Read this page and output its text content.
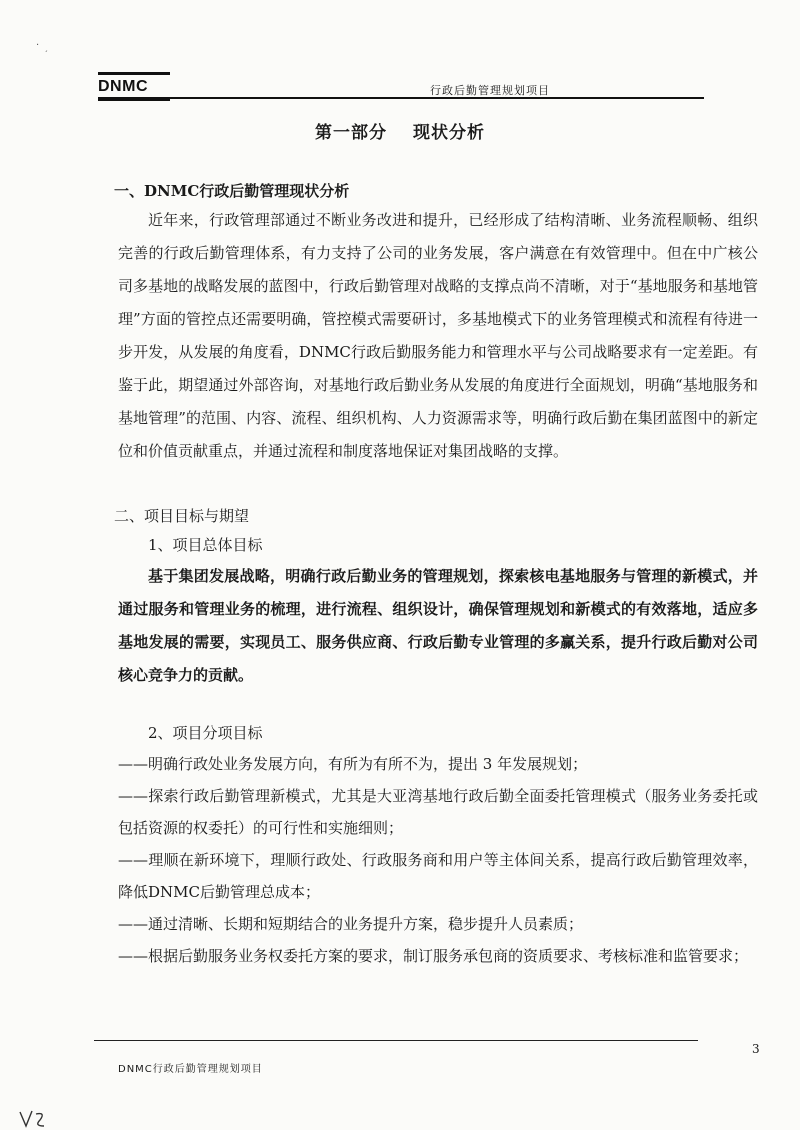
·
´
DNMC	行政后勤管理规划项目
第一部分 现状分析

一、DNMC行政后勤管理现状分析

近年来，行政管理部通过不断业务改进和提升，已经形成了结构清晰、业务流程顺畅、组织完善的行政后勤管理体系，有力支持了公司的业务发展，客户满意在有效管理中。但在中广核公司多基地的战略发展的蓝图中，行政后勤管理对战略的支撑点尚不清晰，对于“基地服务和基地管理”方面的管控点还需要明确，管控模式需要研讨，多基地模式下的业务管理模式和流程有待进一步开发，从发展的角度看，DNMC行政后勤服务能力和管理水平与公司战略要求有一定差距。有鉴于此，期望通过外部咨询，对基地行政后勤业务从发展的角度进行全面规划，明确“基地服务和基地管理”的范围、内容、流程、组织机构、人力资源需求等，明确行政后勤在集团蓝图中的新定位和价值贡献重点，并通过流程和制度落地保证对集团战略的支撑。

二、项目目标与期望

1、项目总体目标

基于集团发展战略，明确行政后勤业务的管理规划，探索核电基地服务与管理的新模式，并通过服务和管理业务的梳理，进行流程、组织设计，确保管理规划和新模式的有效落地，适应多基地发展的需要，实现员工、服务供应商、行政后勤专业管理的多赢关系，提升行政后勤对公司核心竞争力的贡献。

2、项目分项目标

——明确行政处业务发展方向，有所为有所不为，提出 3 年发展规划；

——探索行政后勤管理新模式，尤其是大亚湾基地行政后勤全面委托管理模式（服务业务委托或包括资源的权委托）的可行性和实施细则；

——理顺在新环境下，理顺行政处、行政服务商和用户等主体间关系，提高行政后勤管理效率，降低DNMC后勤管理总成本；

——通过清晰、长期和短期结合的业务提升方案，稳步提升人员素质；

——根据后勤服务业务权委托方案的要求，制订服务承包商的资质要求、考核标准和监管要求；

DNMC行政后勤管理规划项目
3
